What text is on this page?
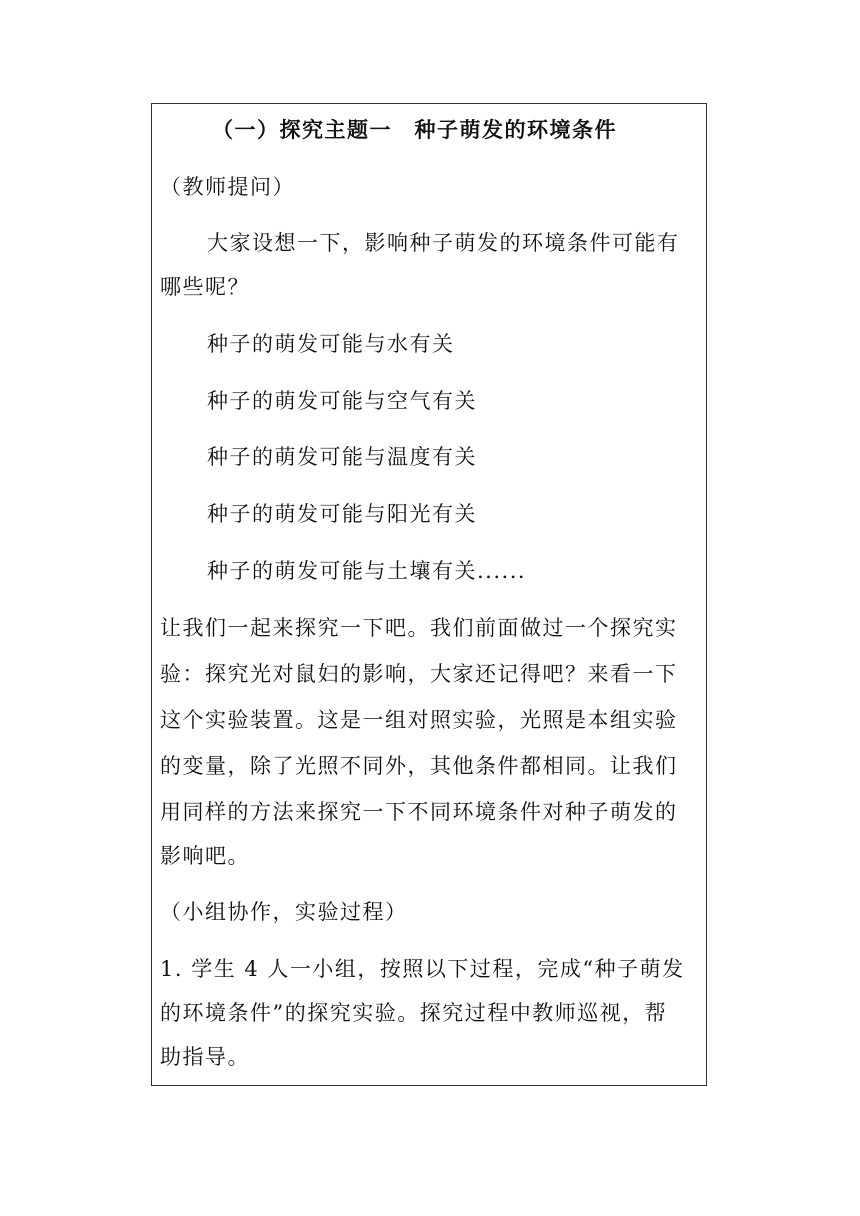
（一）探究主题一　种子萌发的环境条件
（教师提问）
大家设想一下，影响种子萌发的环境条件可能有
哪些呢？
种子的萌发可能与水有关
种子的萌发可能与空气有关
种子的萌发可能与温度有关
种子的萌发可能与阳光有关
种子的萌发可能与土壤有关......
让我们一起来探究一下吧。我们前面做过一个探究实
验：探究光对鼠妇的影响，大家还记得吧？来看一下
这个实验装置。这是一组对照实验，光照是本组实验
的变量，除了光照不同外，其他条件都相同。让我们
用同样的方法来探究一下不同环境条件对种子萌发的
影响吧。
（小组协作，实验过程）
1. 学生 4 人一小组，按照以下过程，完成“种子萌发
的环境条件”的探究实验。探究过程中教师巡视，帮
助指导。
